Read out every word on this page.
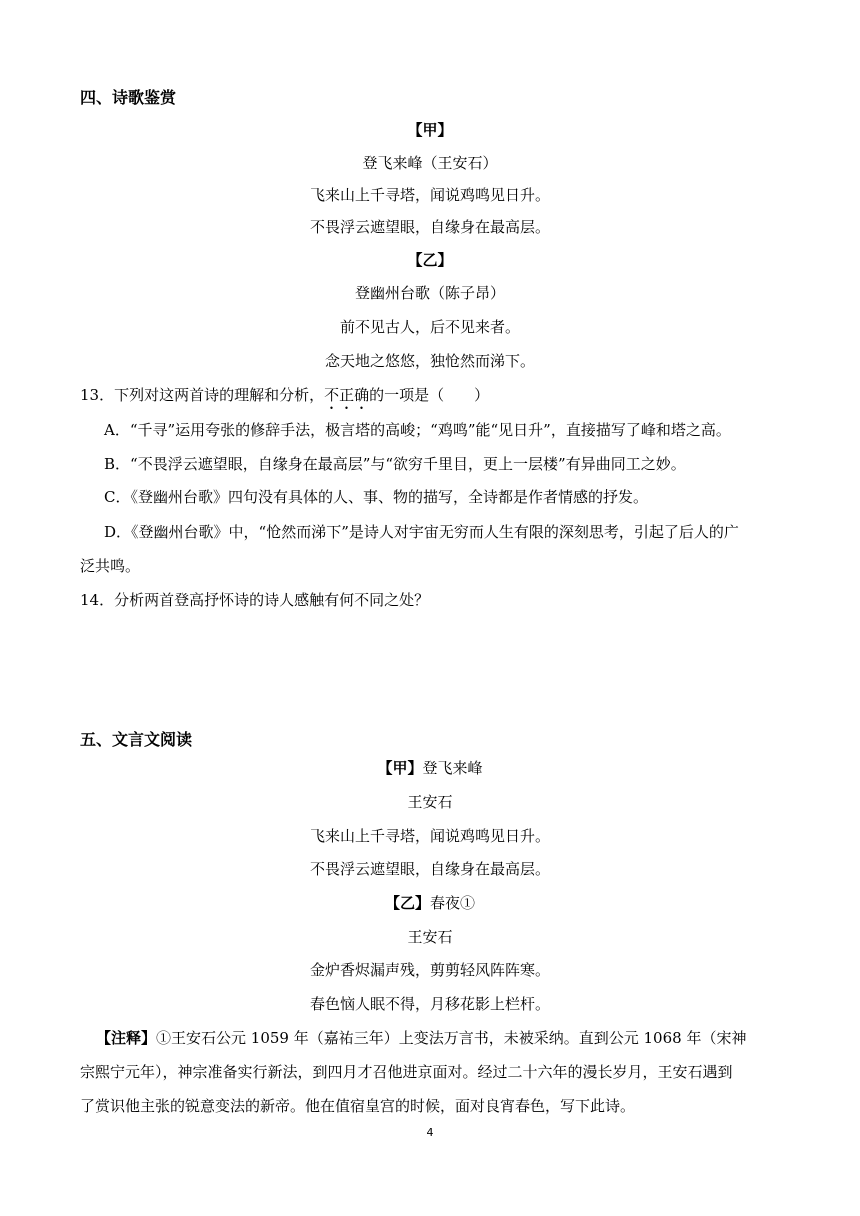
四、诗歌鉴赏
【甲】
登飞来峰（王安石）
飞来山上千寻塔，闻说鸡鸣见日升。
不畏浮云遮望眼，自缘身在最高层。
【乙】
登幽州台歌（陈子昂）
前不见古人，后不见来者。
念天地之悠悠，独怆然而涕下。
13．下列对这两首诗的理解和分析，不正确的一项是（　　）
A．“千寻”运用夸张的修辞手法，极言塔的高峻；“鸡鸣”能“见日升”，直接描写了峰和塔之高。
B．“不畏浮云遮望眼，自缘身在最高层”与“欲穷千里目，更上一层楼”有异曲同工之妙。
C．《登幽州台歌》四句没有具体的人、事、物的描写，全诗都是作者情感的抒发。
D．《登幽州台歌》中，“怆然而涕下”是诗人对宇宙无穷而人生有限的深刻思考，引起了后人的广
泛共鸣。
14．分析两首登高抒怀诗的诗人感触有何不同之处？
五、文言文阅读
【甲】登飞来峰
王安石
飞来山上千寻塔，闻说鸡鸣见日升。
不畏浮云遮望眼，自缘身在最高层。
【乙】春夜①
王安石
金炉香烬漏声残，剪剪轻风阵阵寒。
春色恼人眠不得，月移花影上栏杆。
【注释】①王安石公元 1059 年（嘉祐三年）上变法万言书，未被采纳。直到公元 1068 年（宋神
宗熙宁元年），神宗准备实行新法，到四月才召他进京面对。经过二十六年的漫长岁月，王安石遇到
了赏识他主张的锐意变法的新帝。他在值宿皇宫的时候，面对良宵春色，写下此诗。
4
